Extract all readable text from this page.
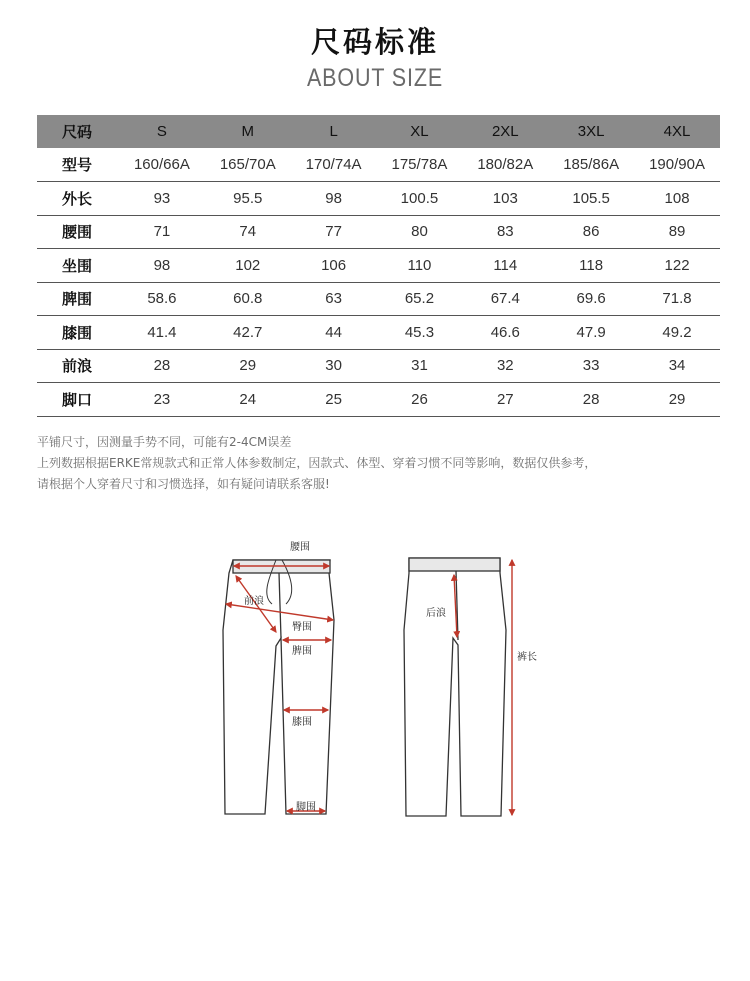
尺码标准
ABOUT SIZE
尺码	S	M	L	XL	2XL	3XL	4XL
型号	160/66A	165/70A	170/74A	175/78A	180/82A	185/86A	190/90A
外长	93	95.5	98	100.5	103	105.5	108
腰围	71	74	77	80	83	86	89
坐围	98	102	106	110	114	118	122
脾围	58.6	60.8	63	65.2	67.4	69.6	71.8
膝围	41.4	42.7	44	45.3	46.6	47.9	49.2
前浪	28	29	30	31	32	33	34
脚口	23	24	25	26	27	28	29
平铺尺寸，因测量手势不同，可能有2-4CM误差
上列数据根据ERKE常规款式和正常人体参数制定，因款式、体型、穿着习惯不同等影响，数据仅供参考，
请根据个人穿着尺寸和习惯选择，如有疑问请联系客服!
腰围
前浪
臀围
脾围
膝围
脚围
后浪
裤长
